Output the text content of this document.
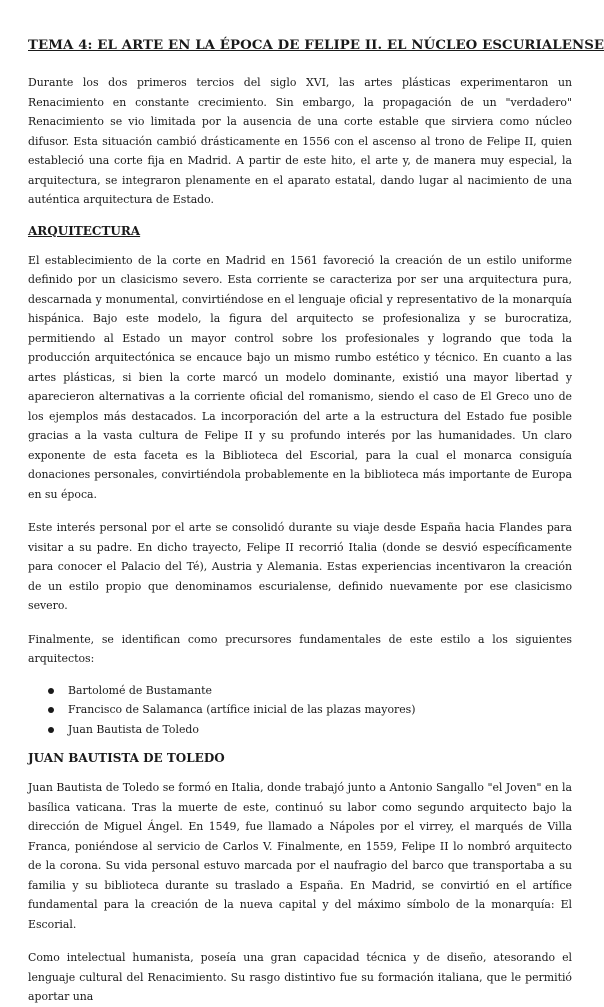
TEMA 4: EL ARTE EN LA ÉPOCA DE FELIPE II. EL NÚCLEO ESCURIALENSE

Durante los dos primeros tercios del siglo XVI, las artes plásticas experimentaron un Renacimiento en constante crecimiento. Sin embargo, la propagación de un "verdadero" Renacimiento se vio limitada por la ausencia de una corte estable que sirviera como núcleo difusor. Esta situación cambió drásticamente en 1556 con el ascenso al trono de Felipe II, quien estableció una corte fija en Madrid. A partir de este hito, el arte y, de manera muy especial, la arquitectura, se integraron plenamente en el aparato estatal, dando lugar al nacimiento de una auténtica arquitectura de Estado.

ARQUITECTURA

El establecimiento de la corte en Madrid en 1561 favoreció la creación de un estilo uniforme definido por un clasicismo severo. Esta corriente se caracteriza por ser una arquitectura pura, descarnada y monumental, convirtiéndose en el lenguaje oficial y representativo de la monarquía hispánica. Bajo este modelo, la figura del arquitecto se profesionaliza y se burocratiza, permitiendo al Estado un mayor control sobre los profesionales y logrando que toda la producción arquitectónica se encauce bajo un mismo rumbo estético y técnico. En cuanto a las artes plásticas, si bien la corte marcó un modelo dominante, existió una mayor libertad y aparecieron alternativas a la corriente oficial del romanismo, siendo el caso de El Greco uno de los ejemplos más destacados. La incorporación del arte a la estructura del Estado fue posible gracias a la vasta cultura de Felipe II y su profundo interés por las humanidades. Un claro exponente de esta faceta es la Biblioteca del Escorial, para la cual el monarca consiguía donaciones personales, convirtiéndola probablemente en la biblioteca más importante de Europa en su época.

Este interés personal por el arte se consolidó durante su viaje desde España hacia Flandes para visitar a su padre. En dicho trayecto, Felipe II recorrió Italia (donde se desvió específicamente para conocer el Palacio del Té), Austria y Alemania. Estas experiencias incentivaron la creación de un estilo propio que denominamos escurialense, definido nuevamente por ese clasicismo severo.

Finalmente, se identifican como precursores fundamentales de este estilo a los siguientes arquitectos:

Bartolomé de Bustamante
Francisco de Salamanca (artífice inicial de las plazas mayores)
Juan Bautista de Toledo
JUAN BAUTISTA DE TOLEDO

Juan Bautista de Toledo se formó en Italia, donde trabajó junto a Antonio Sangallo "el Joven" en la basílica vaticana. Tras la muerte de este, continuó su labor como segundo arquitecto bajo la dirección de Miguel Ángel. En 1549, fue llamado a Nápoles por el virrey, el marqués de Villa Franca, poniéndose al servicio de Carlos V. Finalmente, en 1559, Felipe II lo nombró arquitecto de la corona. Su vida personal estuvo marcada por el naufragio del barco que transportaba a su familia y su biblioteca durante su traslado a España. En Madrid, se convirtió en el artífice fundamental para la creación de la nueva capital y del máximo símbolo de la monarquía: El Escorial.

Como intelectual humanista, poseía una gran capacidad técnica y de diseño, atesorando el lenguaje cultural del Renacimiento. Su rasgo distintivo fue su formación italiana, que le permitió aportar una
